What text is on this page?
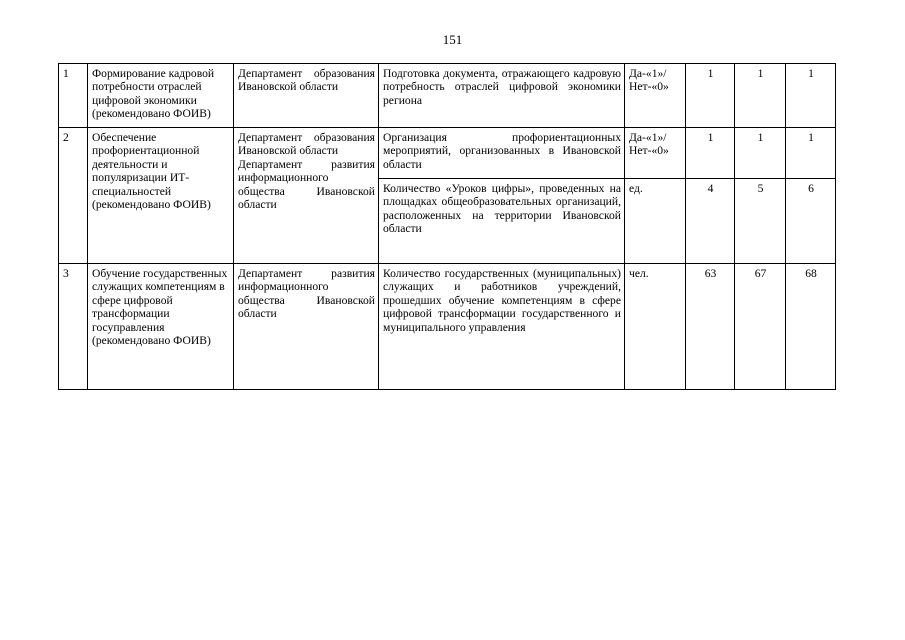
151
1	Формирование кадровой потребности отраслей цифровой экономики (рекомендовано ФОИВ)	Департамент образования Ивановской области	Подготовка документа, отражающего кадровую потребность отраслей цифровой экономики региона	Да-«1»/
Нет-«0»	1	1	1
2	Обеспечение профориентационной деятельности и популяризации ИТ-специальностей (рекомендовано ФОИВ)	Департамент образования Ивановской области
Департамент развития информационного общества Ивановской области	Организация профориентационных мероприятий, организованных в Ивановской области	Да-«1»/
Нет-«0»	1	1	1
			Количество «Уроков цифры», проведенных на площадках общеобразовательных организаций, расположенных на территории Ивановской области	ед.	4	5	6
3	Обучение государственных служащих компетенциям в сфере цифровой трансформации госуправления (рекомендовано ФОИВ)	Департамент развития информационного общества Ивановской области	Количество государственных (муниципальных) служащих и работников учреждений, прошедших обучение компетенциям в сфере цифровой трансформации государственного и муниципального управления	чел.	63	67	68
